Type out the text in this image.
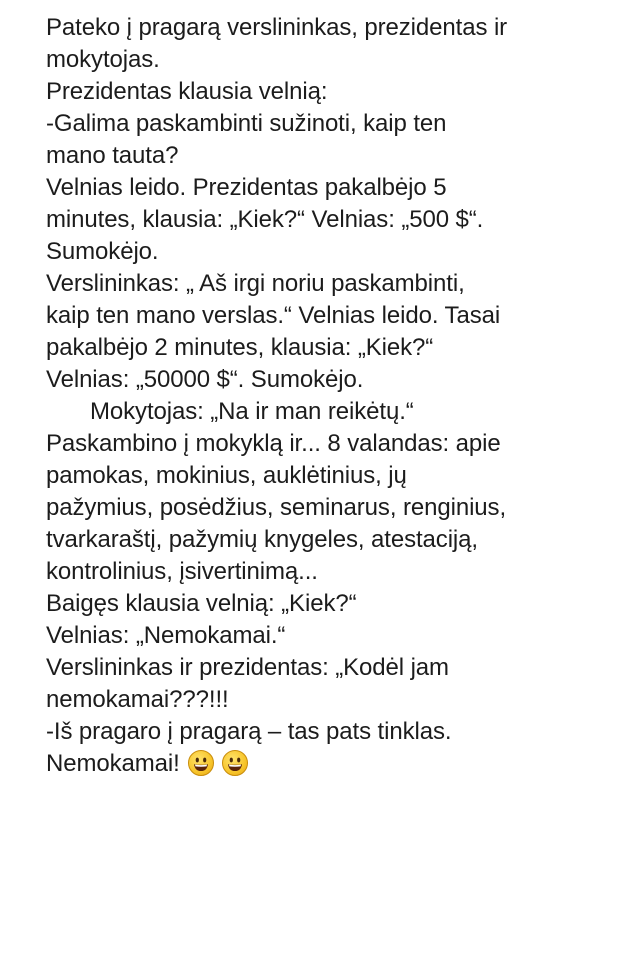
Pateko į pragarą verslininkas, prezidentas ir
mokytojas.
Prezidentas klausia velnią:
-Galima paskambinti sužinoti, kaip ten
mano tauta?
Velnias leido. Prezidentas pakalbėjo 5
minutes, klausia: „Kiek?“ Velnias: „500 $“.
Sumokėjo.
Verslininkas: „ Aš irgi noriu paskambinti,
kaip ten mano verslas.“ Velnias leido. Tasai
pakalbėjo 2 minutes, klausia: „Kiek?“
Velnias: „50000 $“. Sumokėjo.
Mokytojas: „Na ir man reikėtų.“
Paskambino į mokyklą ir... 8 valandas: apie
pamokas, mokinius, auklėtinius, jų
pažymius, posėdžius, seminarus, renginius,
tvarkaraštį, pažymių knygeles, atestaciją,
kontrolinius, įsivertinimą...
Baigęs klausia velnią: „Kiek?“
Velnias: „Nemokamai.“
Verslininkas ir prezidentas: „Kodėl jam
nemokamai???!!!
-Iš pragaro į pragarą – tas pats tinklas.
Nemokamai!
